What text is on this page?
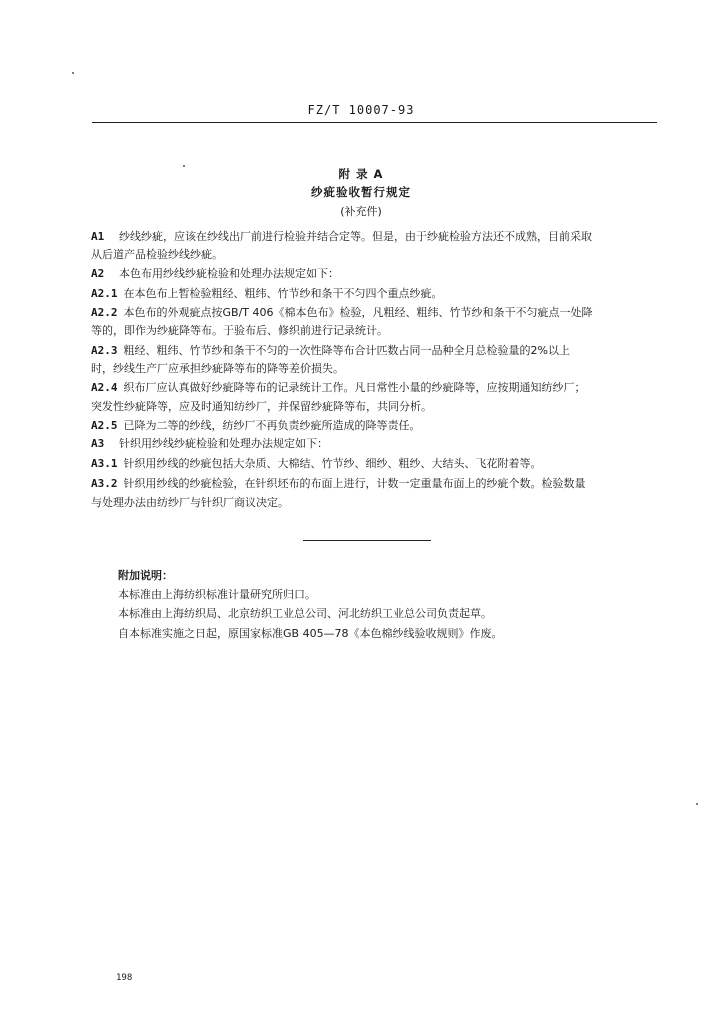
FZ/T 10007-93
附 录 A
纱疵验收暂行规定
(补充件)
A1 纱线纱疵，应该在纱线出厂前进行检验并结合定等。但是，由于纱疵检验方法还不成熟，目前采取
从后道产品检验纱线纱疵。
A2 本色布用纱线纱疵检验和处理办法规定如下：
A2.1 在本色布上暂检验粗经、粗纬、竹节纱和条干不匀四个重点纱疵。
A2.2 本色布的外观疵点按GB/T 406《棉本色布》检验，凡粗经、粗纬、竹节纱和条干不匀疵点一处降
等的，即作为纱疵降等布。于验布后、修织前进行记录统计。
A2.3 粗经、粗纬、竹节纱和条干不匀的一次性降等布合计匹数占同一品种全月总检验量的2%以上
时，纱线生产厂应承担纱疵降等布的降等差价损失。
A2.4 织布厂应认真做好纱疵降等布的记录统计工作。凡日常性小量的纱疵降等，应按期通知纺纱厂；
突发性纱疵降等，应及时通知纺纱厂，并保留纱疵降等布，共同分析。
A2.5 已降为二等的纱线，纺纱厂不再负责纱疵所造成的降等责任。
A3 针织用纱线纱疵检验和处理办法规定如下：
A3.1 针织用纱线的纱疵包括大杂质、大棉结、竹节纱、细纱、粗纱、大结头、飞花附着等。
A3.2 针织用纱线的纱疵检验，在针织坯布的布面上进行，计数一定重量布面上的纱疵个数。检验数量
与处理办法由纺纱厂与针织厂商议决定。
附加说明：
本标准由上海纺织标准计量研究所归口。
本标准由上海纺织局、北京纺织工业总公司、河北纺织工业总公司负责起草。
自本标准实施之日起，原国家标准GB 405—78《本色棉纱线验收规则》作废。
198
